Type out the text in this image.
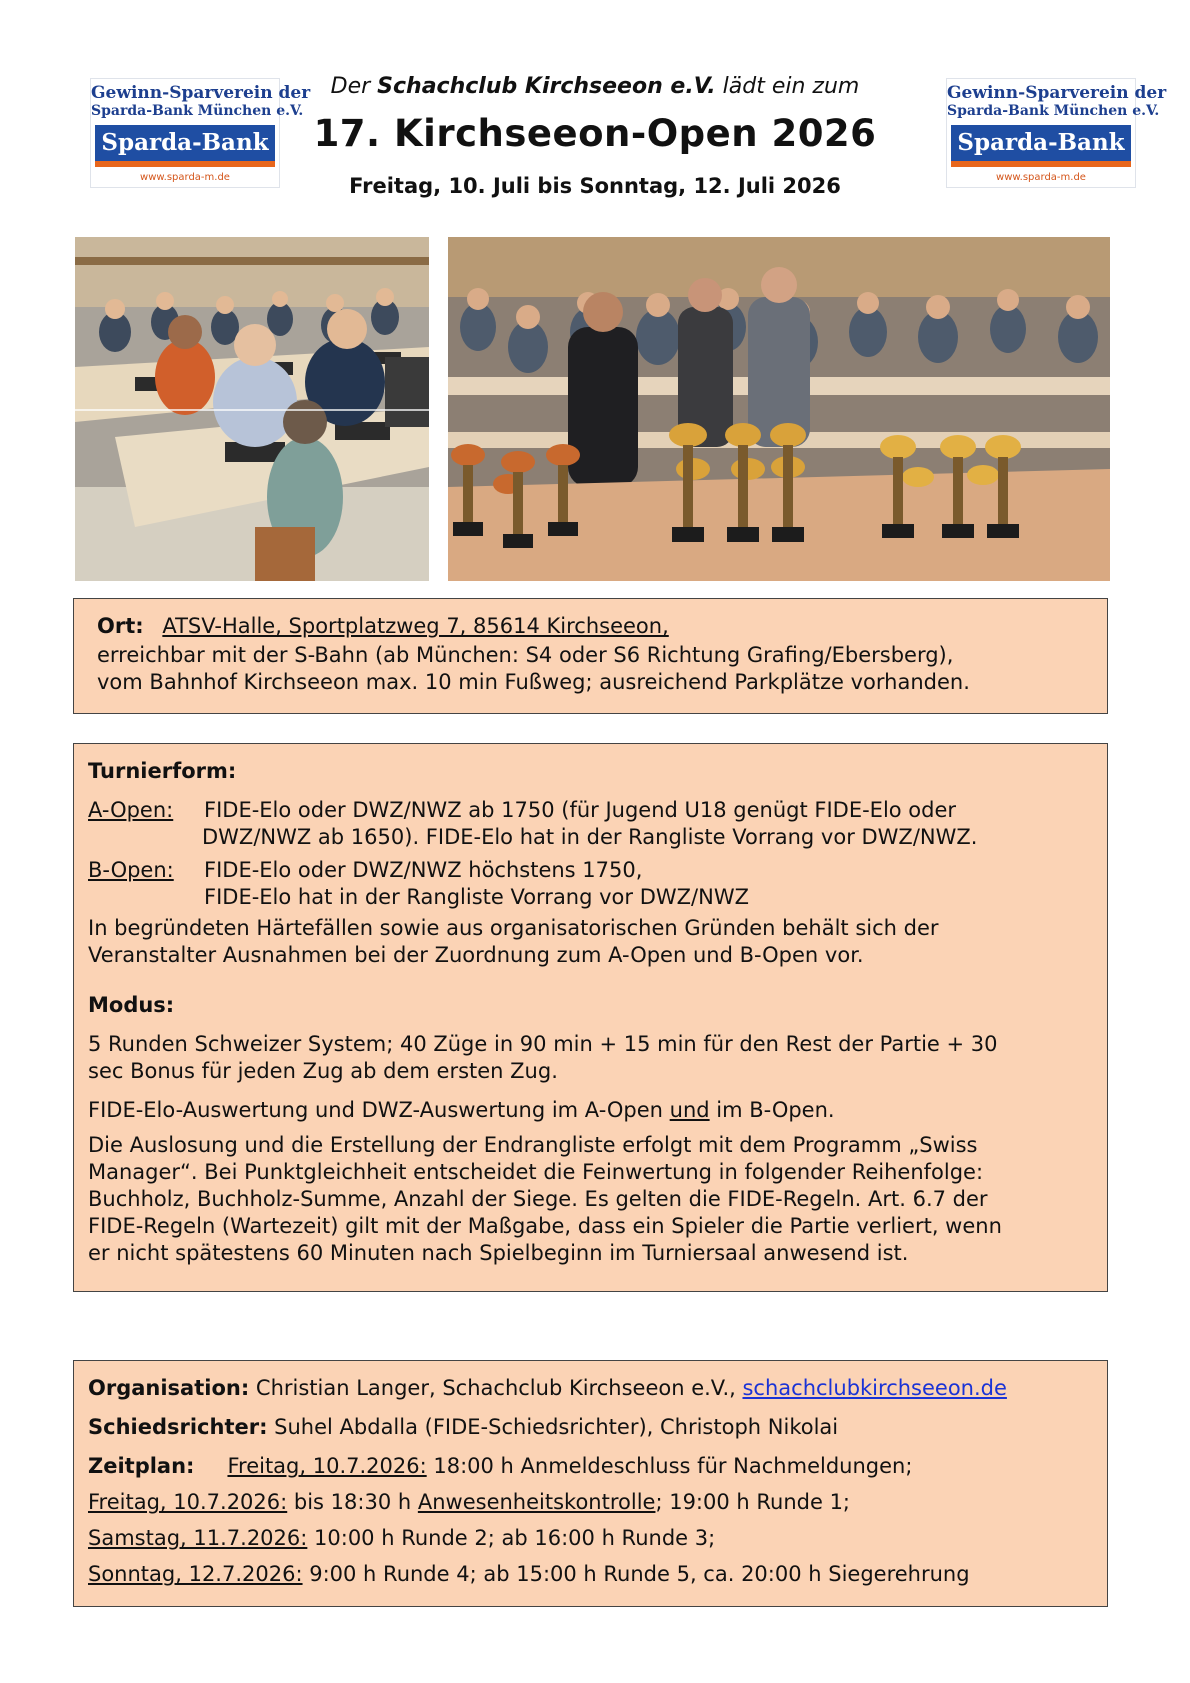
Gewinn-Sparverein der
Sparda-Bank München e.V.
Sparda-Bank
www.sparda-m.de
Gewinn-Sparverein der
Sparda-Bank München e.V.
Sparda-Bank
www.sparda-m.de
Der Schachclub Kirchseeon e.V. lädt ein zum
17. Kirchseeon-Open 2026
Freitag, 10. Juli bis Sonntag, 12. Juli 2026
Ort: ATSV-Halle, Sportplatzweg 7, 85614 Kirchseeon,
erreichbar mit der S-Bahn (ab München: S4 oder S6 Richtung Grafing/Ebersberg),
vom Bahnhof Kirchseeon max. 10 min Fußweg; ausreichend Parkplätze vorhanden.
Turnierform:
A-Open: FIDE-Elo oder DWZ/NWZ ab 1750 (für Jugend U18 genügt FIDE-Elo oder
DWZ/NWZ ab 1650). FIDE-Elo hat in der Rangliste Vorrang vor DWZ/NWZ.
B-Open: FIDE-Elo oder DWZ/NWZ höchstens 1750,
FIDE-Elo hat in der Rangliste Vorrang vor DWZ/NWZ
In begründeten Härtefällen sowie aus organisatorischen Gründen behält sich der
Veranstalter Ausnahmen bei der Zuordnung zum A-Open und B-Open vor.
Modus:
5 Runden Schweizer System; 40 Züge in 90 min + 15 min für den Rest der Partie + 30
sec Bonus für jeden Zug ab dem ersten Zug.
FIDE-Elo-Auswertung und DWZ-Auswertung im A-Open und im B-Open.
Die Auslosung und die Erstellung der Endrangliste erfolgt mit dem Programm „Swiss
Manager“. Bei Punktgleichheit entscheidet die Feinwertung in folgender Reihenfolge:
Buchholz, Buchholz-Summe, Anzahl der Siege. Es gelten die FIDE-Regeln. Art. 6.7 der
FIDE-Regeln (Wartezeit) gilt mit der Maßgabe, dass ein Spieler die Partie verliert, wenn
er nicht spätestens 60 Minuten nach Spielbeginn im Turniersaal anwesend ist.
Organisation: Christian Langer, Schachclub Kirchseeon e.V., schachclubkirchseeon.de
Schiedsrichter: Suhel Abdalla (FIDE-Schiedsrichter), Christoph Nikolai
Zeitplan: Freitag, 10.7.2026: 18:00 h Anmeldeschluss für Nachmeldungen;
Freitag, 10.7.2026: bis 18:30 h Anwesenheitskontrolle; 19:00 h Runde 1;
Samstag, 11.7.2026: 10:00 h Runde 2; ab 16:00 h Runde 3;
Sonntag, 12.7.2026: 9:00 h Runde 4; ab 15:00 h Runde 5, ca. 20:00 h Siegerehrung
